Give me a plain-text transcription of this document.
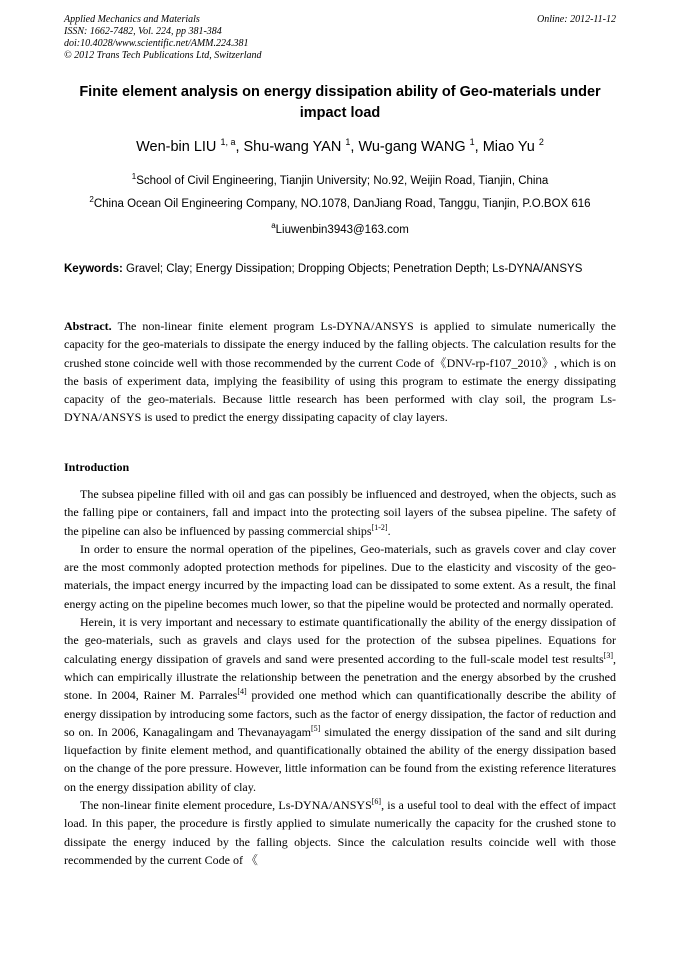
Applied Mechanics and Materials
ISSN: 1662-7482, Vol. 224, pp 381-384
doi:10.4028/www.scientific.net/AMM.224.381
© 2012 Trans Tech Publications Ltd, Switzerland
Online: 2012-11-12
Finite element analysis on energy dissipation ability of Geo-materials under impact load
Wen-bin LIU $^{1, a}$, Shu-wang YAN $^1$, Wu-gang WANG $^1$, Miao Yu $^2$
$^1$School of Civil Engineering, Tianjin University; No.92, Weijin Road, Tianjin, China
$^2$China Ocean Oil Engineering Company, NO.1078, DanJiang Road, Tanggu, Tianjin, P.O.BOX 616
$^a$Liuwenbin3943@163.com
Keywords: Gravel; Clay; Energy Dissipation; Dropping Objects; Penetration Depth; Ls-DYNA/ANSYS
Abstract. The non-linear finite element program Ls-DYNA/ANSYS is applied to simulate numerically the capacity for the geo-materials to dissipate the energy induced by the falling objects. The calculation results for the crushed stone coincide well with those recommended by the current Code of《DNV-rp-f107_2010》, which is on the basis of experiment data, implying the feasibility of using this program to estimate the energy dissipating capacity of the geo-materials. Because little research has been performed with clay soil, the program Ls-DYNA/ANSYS is used to predict the energy dissipating capacity of clay layers.
Introduction

The subsea pipeline filled with oil and gas can possibly be influenced and destroyed, when the objects, such as the falling pipe or containers, fall and impact into the protecting soil layers of the subsea pipeline. The safety of the pipeline can also be influenced by passing commercial ships[1-2].

In order to ensure the normal operation of the pipelines, Geo-materials, such as gravels cover and clay cover are the most commonly adopted protection methods for pipelines. Due to the elasticity and viscosity of the geo-materials, the impact energy incurred by the impacting load can be dissipated to some extent. As a result, the final energy acting on the pipeline becomes much lower, so that the pipeline would be protected and normally operated.

Herein, it is very important and necessary to estimate quantificationally the ability of the energy dissipation of the geo-materials, such as gravels and clays used for the protection of the subsea pipelines. Equations for calculating energy dissipation of gravels and sand were presented according to the full-scale model test results[3], which can empirically illustrate the relationship between the penetration and the energy absorbed by the crushed stone. In 2004, Rainer M. Parrales[4] provided one method which can quantificationally describe the ability of energy dissipation by introducing some factors, such as the factor of energy dissipation, the factor of reduction and so on. In 2006, Kanagalingam and Thevanayagam[5] simulated the energy dissipation of the sand and silt during liquefaction by finite element method, and quantificationally obtained the ability of the energy dissipation based on the change of the pore pressure. However, little information can be found from the existing reference literatures on the energy dissipation ability of clay.

The non-linear finite element procedure, Ls-DYNA/ANSYS[6], is a useful tool to deal with the effect of impact load. In this paper, the procedure is firstly applied to simulate numerically the capacity for the crushed stone to dissipate the energy induced by the falling objects. Since the calculation results coincide well with those recommended by the current Code of 《
